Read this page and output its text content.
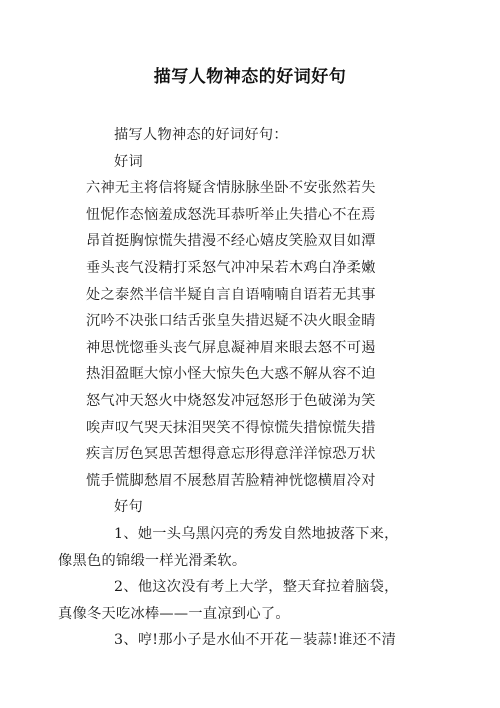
描写人物神态的好词好句

描写人物神态的好词好句：

好词

六神无主将信将疑含情脉脉坐卧不安张然若失

忸怩作态恼羞成怒洗耳恭听举止失措心不在焉

昂首挺胸惊慌失措漫不经心嬉皮笑脸双目如潭

垂头丧气没精打采怒气冲冲呆若木鸡白净柔嫩

处之泰然半信半疑自言自语喃喃自语若无其事

沉吟不决张口结舌张皇失措迟疑不决火眼金睛

神思恍惚垂头丧气屏息凝神眉来眼去怒不可遏

热泪盈眶大惊小怪大惊失色大惑不解从容不迫

怒气冲天怒火中烧怒发冲冠怒形于色破涕为笑

唉声叹气哭天抹泪哭笑不得惊慌失措惊慌失措

疾言厉色冥思苦想得意忘形得意洋洋惊恐万状

慌手慌脚愁眉不展愁眉苦脸精神恍惚横眉冷对

好句

1、她一头乌黑闪亮的秀发自然地披落下来，

像黑色的锦缎一样光滑柔软。

2、他这次没有考上大学，整天耷拉着脑袋，

真像冬天吃冰棒——一直凉到心了。

3、哼!那小子是水仙不开花－装蒜!谁还不清
